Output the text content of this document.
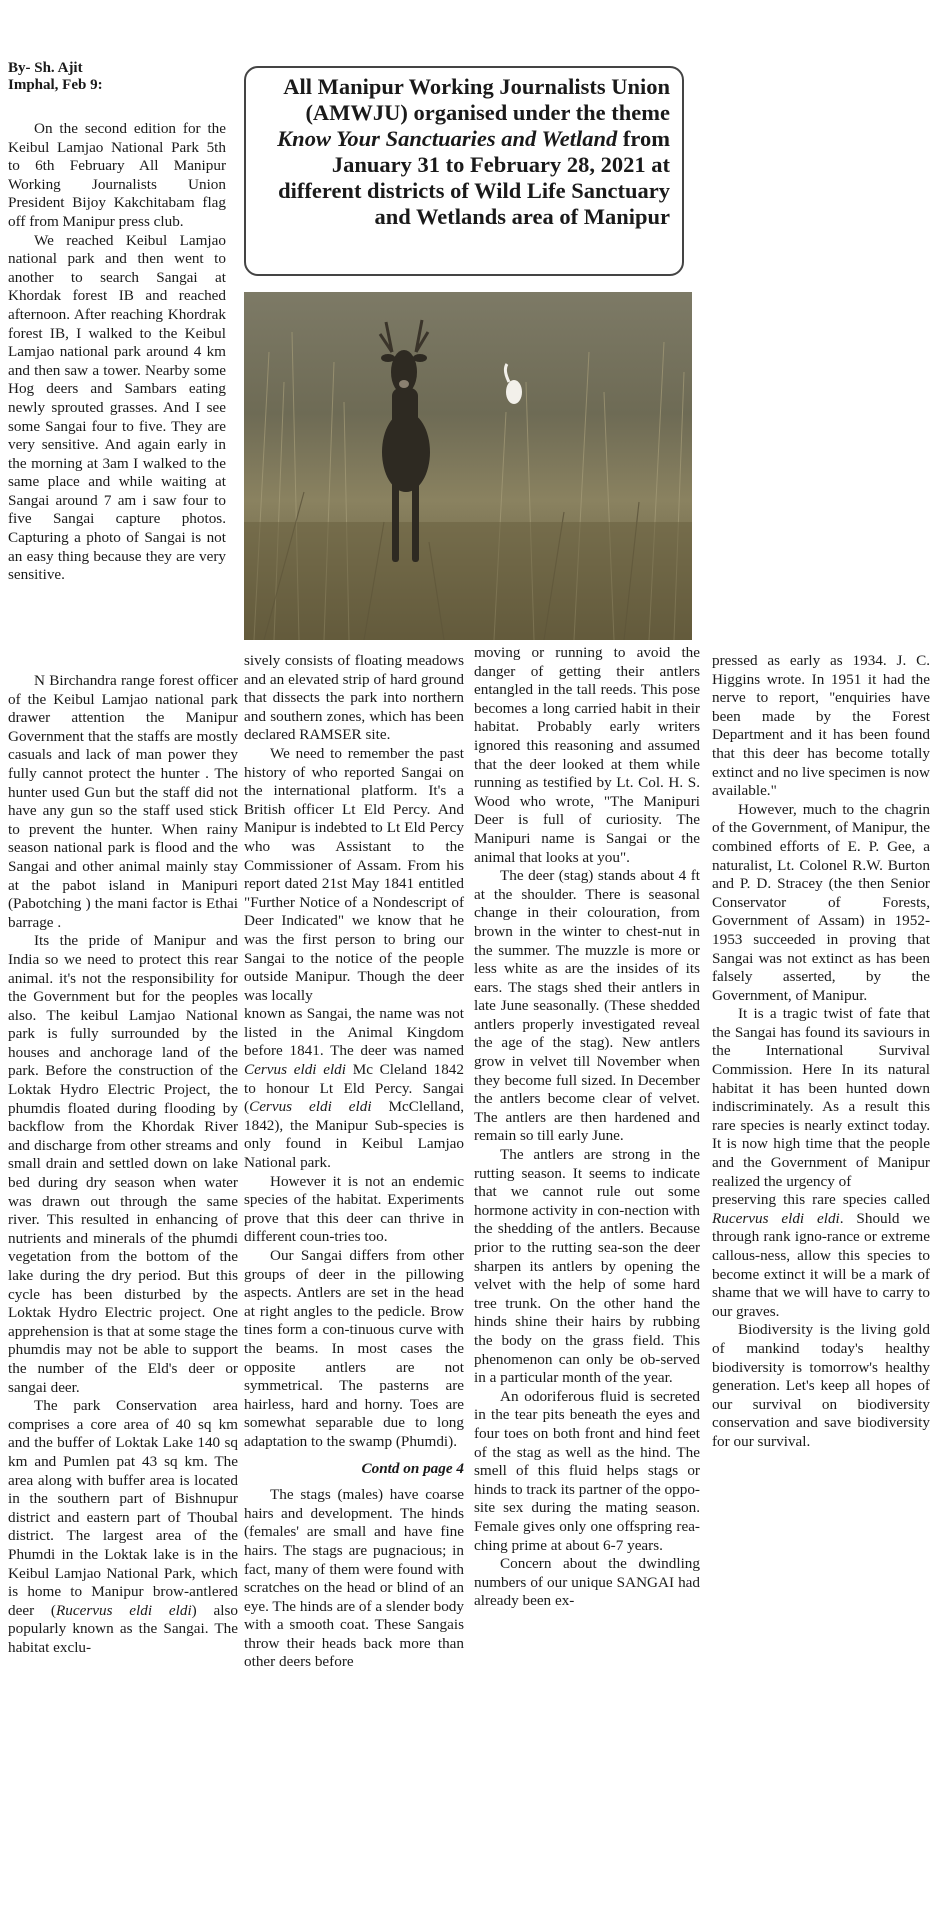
By- Sh. Ajit
Imphal, Feb 9:	All Manipur Working Journalists Union (AMWJU) organised under the theme Know Your Sanctuaries and Wetland from January 31 to February 28, 2021 at different districts of Wild Life Sanctuary and Wetlands area of Manipur

On the second edition for the Keibul Lamjao National Park 5th to 6th February All Manipur Working Journalists Union President Bijoy Kakchitabam flag off from Manipur press club.

We reached Keibul Lamjao national park and then went to another to search Sangai at Khordak forest IB and reached afternoon. After reaching Khordrak forest IB, I walked to the Keibul Lamjao national park around 4 km and then saw a tower. Nearby some Hog deers and Sambars eating newly sprouted grasses. And I see some Sangai four to five. They are very sensitive. And again early in the morning at 3am I walked to the same place and while waiting at Sangai around 7 am i saw four to five Sangai capture photos. Capturing a photo of Sangai is not an easy thing because they are very sensitive.

N Birchandra range forest officer of the Keibul Lamjao national park drawer attention the Manipur Government that the staffs are mostly casuals and lack of man power they fully cannot protect the hunter . The hunter used Gun but the staff did not have any gun so the staff used stick to prevent the hunter. When rainy season national park is flood and the Sangai and other animal mainly stay at the pabot island in Manipuri (Pabotching ) the mani factor is Ethai barrage .

Its the pride of Manipur and India so we need to protect this rear animal. it's not the responsibility for the Government but for the peoples also. The keibul Lamjao National park is fully surrounded by the houses and anchorage land of the park. Before the construction of the Loktak Hydro Electric Project, the phumdis floated during flooding by backflow from the Khordak River and discharge from other streams and small drain and settled down on lake bed during dry season when water was drawn out through the same river. This resulted in enhancing of nutrients and minerals of the phumdi vegetation from the bottom of the lake during the dry period. But this cycle has been disturbed by the Loktak Hydro Electric project. One apprehension is that at some stage the phumdis may not be able to support the number of the Eld's deer or sangai deer.

The park Conservation area comprises a core area of 40 sq km and the buffer of Loktak Lake 140 sq km and Pumlen pat 43 sq km. The area along with buffer area is located in the southern part of Bishnupur district and eastern part of Thoubal district. The largest area of the Phumdi in the Loktak lake is in the Keibul Lamjao National Park, which is home to Manipur brow-antlered deer (Rucervus eldi eldi) also popularly known as the Sangai. The habitat exclu-

sively consists of floating meadows and an elevated strip of hard ground that dissects the park into northern and southern zones, which has been declared RAMSER site.

We need to remember the past history of who reported Sangai on the international platform. It's a British officer Lt Eld Percy. And Manipur is indebted to Lt Eld Percy who was Assistant to the Commissioner of Assam. From his report dated 21st May 1841 entitled "Further Notice of a Nondescript of Deer Indicated" we know that he was the first person to bring our Sangai to the notice of the people outside Manipur. Though the deer was locally

known as Sangai, the name was not listed in the Animal Kingdom before 1841. The deer was named Cervus eldi eldi Mc Cleland 1842 to honour Lt Eld Percy. Sangai (Cervus eldi eldi McClelland, 1842), the Manipur Sub-species is only found in Keibul Lamjao National park.

However it is not an endemic species of the habitat. Experiments prove that this deer can thrive in different coun-tries too.

Our Sangai differs from other groups of deer in the pillowing aspects. Antlers are set in the head at right angles to the pedicle. Brow tines form a con-tinuous curve with the beams. In most cases the opposite antlers are not symmetrical. The pasterns are hairless, hard and horny. Toes are somewhat separable due to long adaptation to the swamp (Phumdi).

Contd on page 4

The stags (males) have coarse hairs and development. The hinds (females' are small and have fine hairs. The stags are pugnacious; in fact, many of them were found with scratches on the head or blind of an eye. The hinds are of a slender body with a smooth coat. These Sangais throw their heads back more than other deers before

moving or running to avoid the danger of getting their antlers entangled in the tall reeds. This pose becomes a long carried habit in their habitat. Probably early writers ignored this reasoning and assumed that the deer looked at them while running as testified by Lt. Col. H. S. Wood who wrote, "The Manipuri Deer is full of curiosity. The Manipuri name is Sangai or the animal that looks at you".

The deer (stag) stands about 4 ft at the shoulder. There is seasonal change in their colouration, from brown in the winter to chest-nut in the summer. The muzzle is more or less white as are the insides of its ears. The stags shed their antlers in late June seasonally. (These shedded antlers properly investigated reveal the age of the stag). New antlers grow in velvet till November when they become full sized. In December the antlers become clear of velvet. The antlers are then hardened and remain so till early June.

The antlers are strong in the rutting season. It seems to indicate that we cannot rule out some hormone activity in con-nection with the shedding of the antlers. Because prior to the rutting sea-son the deer sharpen its antlers by opening the velvet with the help of some hard tree trunk. On the other hand the hinds shine their hairs by rubbing the body on the grass field. This phenomenon can only be ob-served in a particular month of the year.

An odoriferous fluid is secreted in the tear pits beneath the eyes and four toes on both front and hind feet of the stag as well as the hind. The smell of this fluid helps stags or hinds to track its partner of the oppo-site sex during the mating season. Female gives only one offspring rea-ching prime at about 6-7 years.

Concern about the dwindling numbers of our unique SANGAI had already been ex-

pressed as early as 1934. J. C. Higgins wrote. In 1951 it had the nerve to report, ''enquiries have been made by the Forest Department and it has been found that this deer has become totally extinct and no live specimen is now available."

However, much to the chagrin of the Government, of Manipur, the combined efforts of E. P. Gee, a naturalist, Lt. Colonel R.W. Burton and P. D. Stracey (the then Senior Conservator of Forests, Government of Assam) in 1952-1953 succeeded in proving that Sangai was not extinct as has been falsely asserted, by the Government, of Manipur.

It is a tragic twist of fate that the Sangai has found its saviours in the International Survival Commission. Here In its natural habitat it has been hunted down indiscriminately. As a result this rare species is nearly extinct today. It is now high time that the people and the Government of Manipur realized the urgency of

preserving this rare species called Rucervus eldi eldi. Should we through rank igno-rance or extreme callous-ness, allow this species to become extinct it will be a mark of shame that we will have to carry to our graves.

Biodiversity is the living gold of mankind today's healthy biodiversity is tomorrow's healthy generation. Let's keep all hopes of our survival on biodiversity conservation and save biodiversity for our survival.
